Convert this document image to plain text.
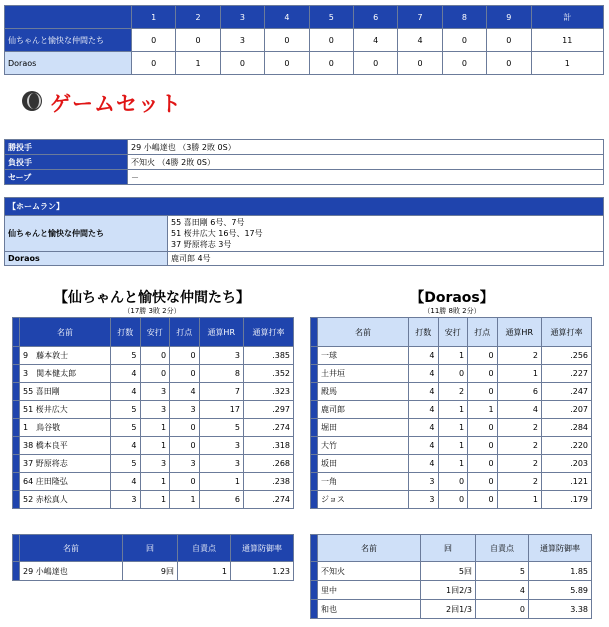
	1	2	3	4	5	6	7	8	9	計
仙ちゃんと愉快な仲間たち	0	0	3	0	0	4	4	0	0	11
Doraos	0	1	0	0	0	0	0	0	0	1
ゲームセット
勝投手	29 小嶋達也 （3勝 2敗 0S）
負投手	不知火 （4勝 2敗 0S）
セーブ	－
【ホームラン】	
仙ちゃんと愉快な仲間たち	55 喜田剛 6号、7号
51 桜井広大 16号、17号
37 野原将志 3号

Doraos	鹿司郎 4号
【仙ちゃんと愉快な仲間たち】
（17勝 3敗 2分）
【Doraos】
（11勝 8敗 2分）
	名前	打数	安打	打点	通算HR	通算打率
	9　藤本敦士	5	0	0	3	.385
	3　関本健太郎	4	0	0	8	.352
	55 喜田剛	4	3	4	7	.323
	51 桜井広大	5	3	3	17	.297
	1　鳥谷敬	5	1	0	5	.274
	38 橋本良平	4	1	0	3	.318
	37 野原将志	5	3	3	3	.268
	64 庄田隆弘	4	1	0	1	.238
	52 赤松真人	3	1	1	6	.274
	名前	打数	安打	打点	通算HR	通算打率
	一球	4	1	0	2	.256
	土井垣	4	0	0	1	.227
	殿馬	4	2	0	6	.247
	鹿司郎	4	1	1	4	.207
	堀田	4	1	0	2	.284
	大竹	4	1	0	2	.220
	坂田	4	1	0	2	.203
	一角	3	0	0	2	.121
	ジョス	3	0	0	1	.179
	名前	回	自責点	通算防御率
	29 小嶋達也	9回	1	1.23
	名前	回	自責点	通算防御率
	不知火	5回	5	1.85
	里中	1回2/3	4	5.89
	和也	2回1/3	0	3.38
